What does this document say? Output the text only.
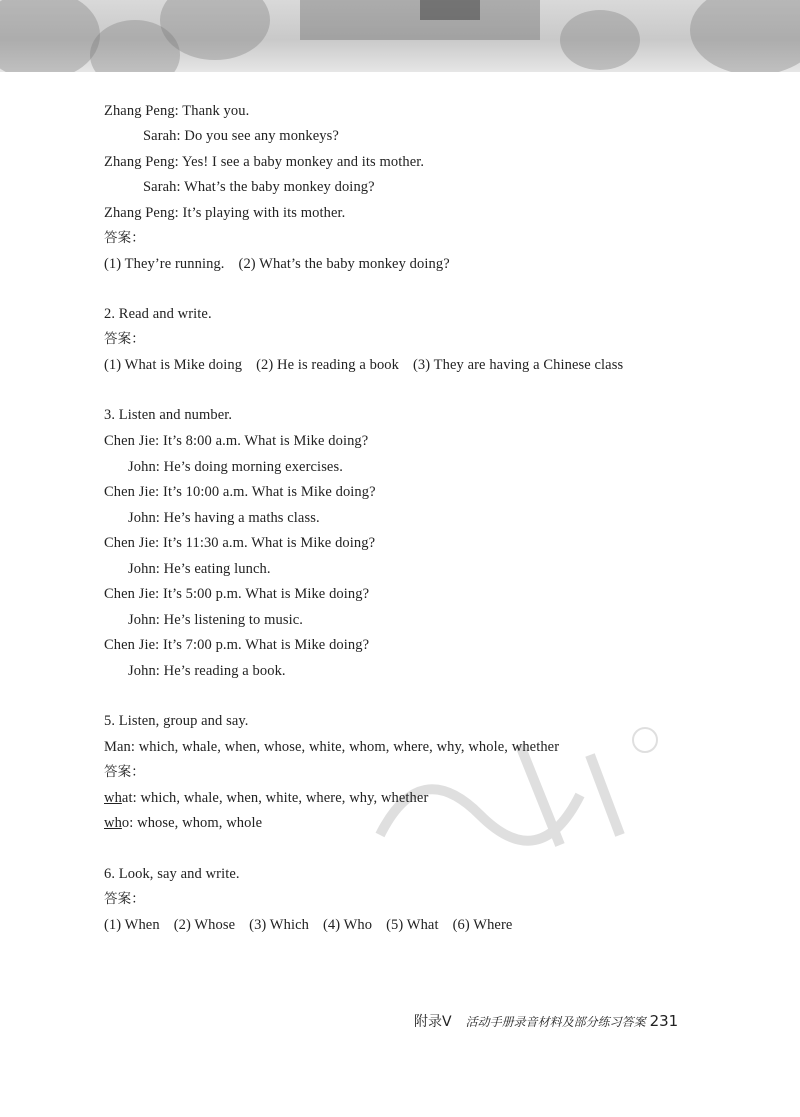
Zhang Peng: Thank you.
Sarah: Do you see any monkeys?
Zhang Peng: Yes! I see a baby monkey and its mother.
Sarah: What’s the baby monkey doing?
Zhang Peng: It’s playing with its mother.
答案：
(1) They’re running. (2) What’s the baby monkey doing?
2. Read and write.
答案：
(1) What is Mike doing (2) He is reading a book (3) They are having a Chinese class
3. Listen and number.
Chen Jie: It’s 8:00 a.m. What is Mike doing?
John: He’s doing morning exercises.
Chen Jie: It’s 10:00 a.m. What is Mike doing?
John: He’s having a maths class.
Chen Jie: It’s 11:30 a.m. What is Mike doing?
John: He’s eating lunch.
Chen Jie: It’s 5:00 p.m. What is Mike doing?
John: He’s listening to music.
Chen Jie: It’s 7:00 p.m. What is Mike doing?
John: He’s reading a book.
5. Listen, group and say.
Man: which, whale, when, whose, white, whom, where, why, whole, whether
答案：
what: which, whale, when, white, where, why, whether
who: whose, whom, whole
6. Look, say and write.
答案：
(1) When (2) Whose (3) Which (4) Who (5) What (6) Where
附录V 活动手册录音材料及部分练习答案 231
